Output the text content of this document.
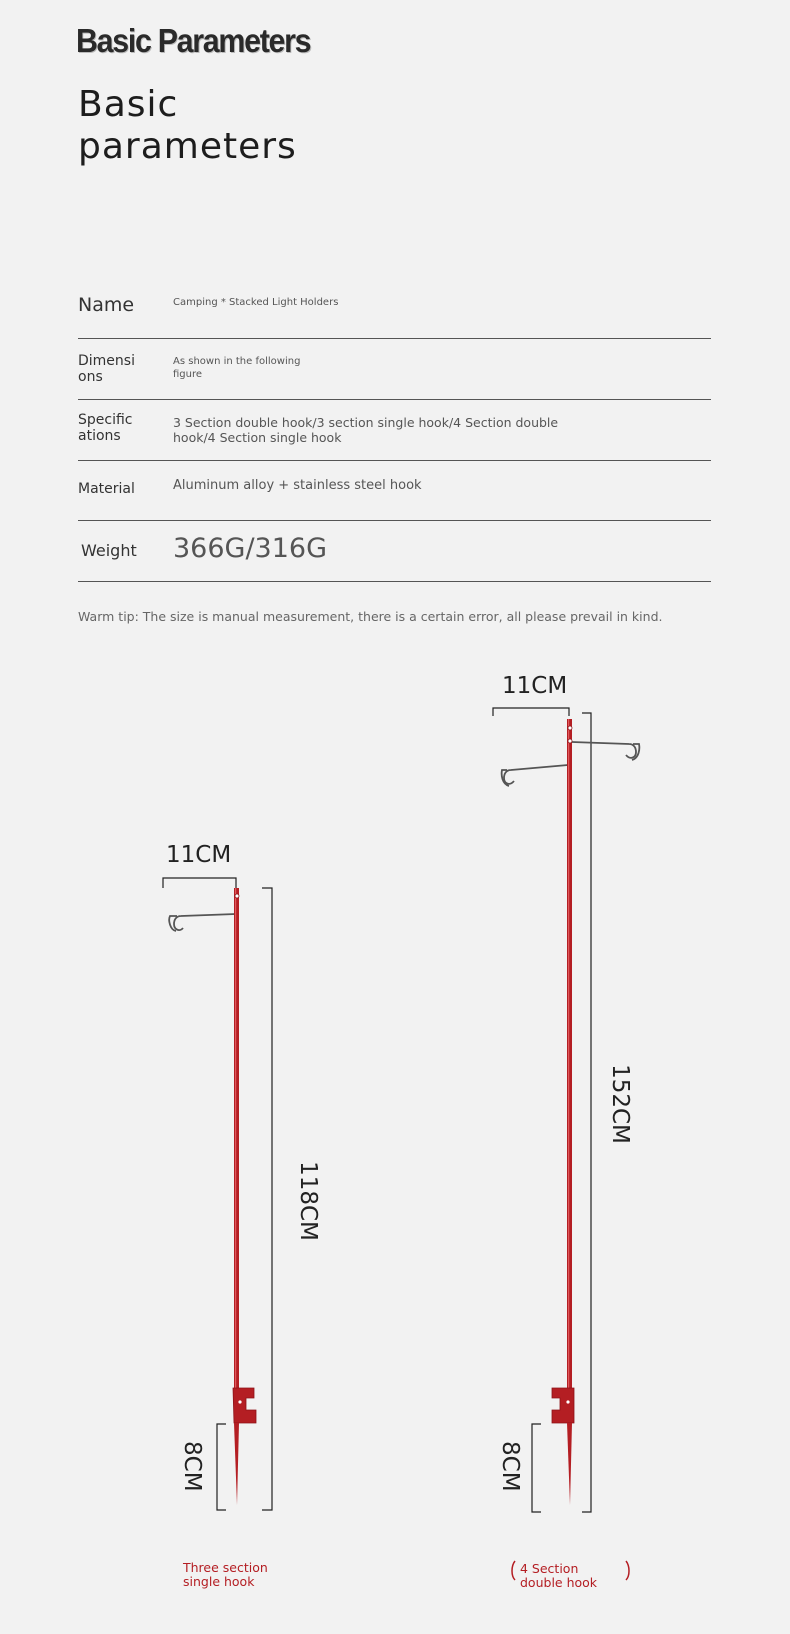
Basic Parameters
Basic parameters
Name	Camping * Stacked Light Holders
Dimensions
As shown in the following figure
Specifications
3 Section double hook/3 section single hook/4 Section double hook/4 Section single hook
Material	Aluminum alloy + stainless steel hook
Weight 366G/316G
Warm tip: The size is manual measurement, there is a certain error, all please prevail in kind.
11CM
118CM
8CM
11CM
152CM
8CM
Three section single hook
4 Section double hook
